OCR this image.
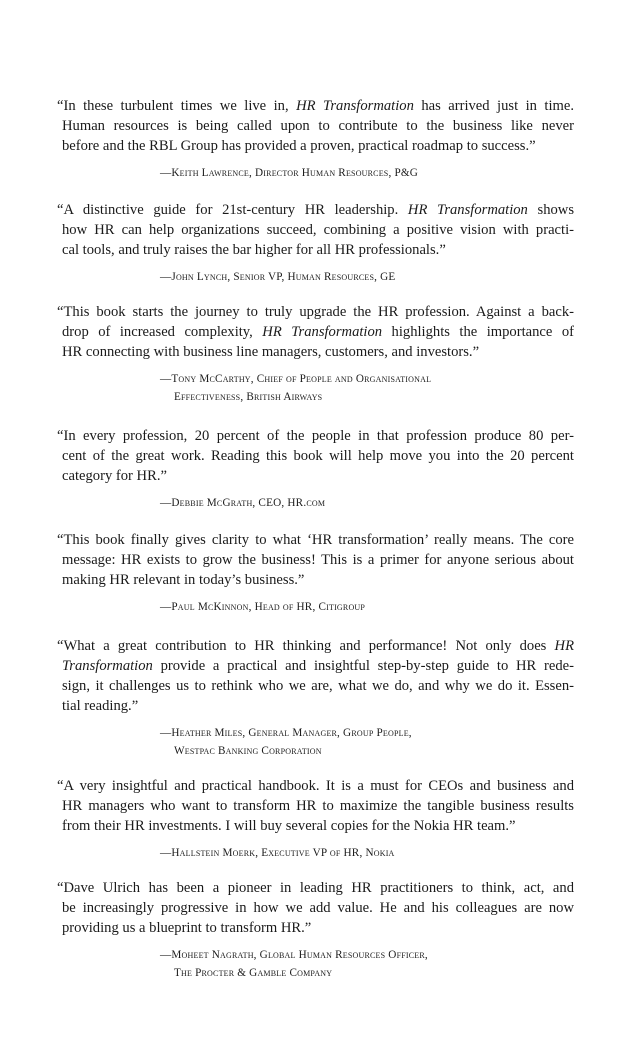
“In these turbulent times we live in, HR Transformation has arrived just in time.
Human resources is being called upon to contribute to the business like never
before and the RBL Group has provided a proven, practical roadmap to success.”
—Keith Lawrence, Director Human Resources, P&G
“A distinctive guide for 21st-century HR leadership. HR Transformation shows
how HR can help organizations succeed, combining a positive vision with practi-
cal tools, and truly raises the bar higher for all HR professionals.”
—John Lynch, Senior VP, Human Resources, GE
“This book starts the journey to truly upgrade the HR profession. Against a back-
drop of increased complexity, HR Transformation highlights the importance of
HR connecting with business line managers, customers, and investors.”
—Tony McCarthy, Chief of People and Organisational
Effectiveness, British Airways
“In every profession, 20 percent of the people in that profession produce 80 per-
cent of the great work. Reading this book will help move you into the 20 percent
category for HR.”
—Debbie McGrath, CEO, HR.com
“This book finally gives clarity to what ‘HR transformation’ really means. The core
message: HR exists to grow the business! This is a primer for anyone serious about
making HR relevant in today’s business.”
—Paul McKinnon, Head of HR, Citigroup
“What a great contribution to HR thinking and performance! Not only does HR
Transformation provide a practical and insightful step-by-step guide to HR rede-
sign, it challenges us to rethink who we are, what we do, and why we do it. Essen-
tial reading.”
—Heather Miles, General Manager, Group People,
Westpac Banking Corporation
“A very insightful and practical handbook. It is a must for CEOs and business and
HR managers who want to transform HR to maximize the tangible business results
from their HR investments. I will buy several copies for the Nokia HR team.”
—Hallstein Moerk, Executive VP of HR, Nokia
“Dave Ulrich has been a pioneer in leading HR practitioners to think, act, and
be increasingly progressive in how we add value. He and his colleagues are now
providing us a blueprint to transform HR.”
—Moheet Nagrath, Global Human Resources Officer,
The Procter & Gamble Company
